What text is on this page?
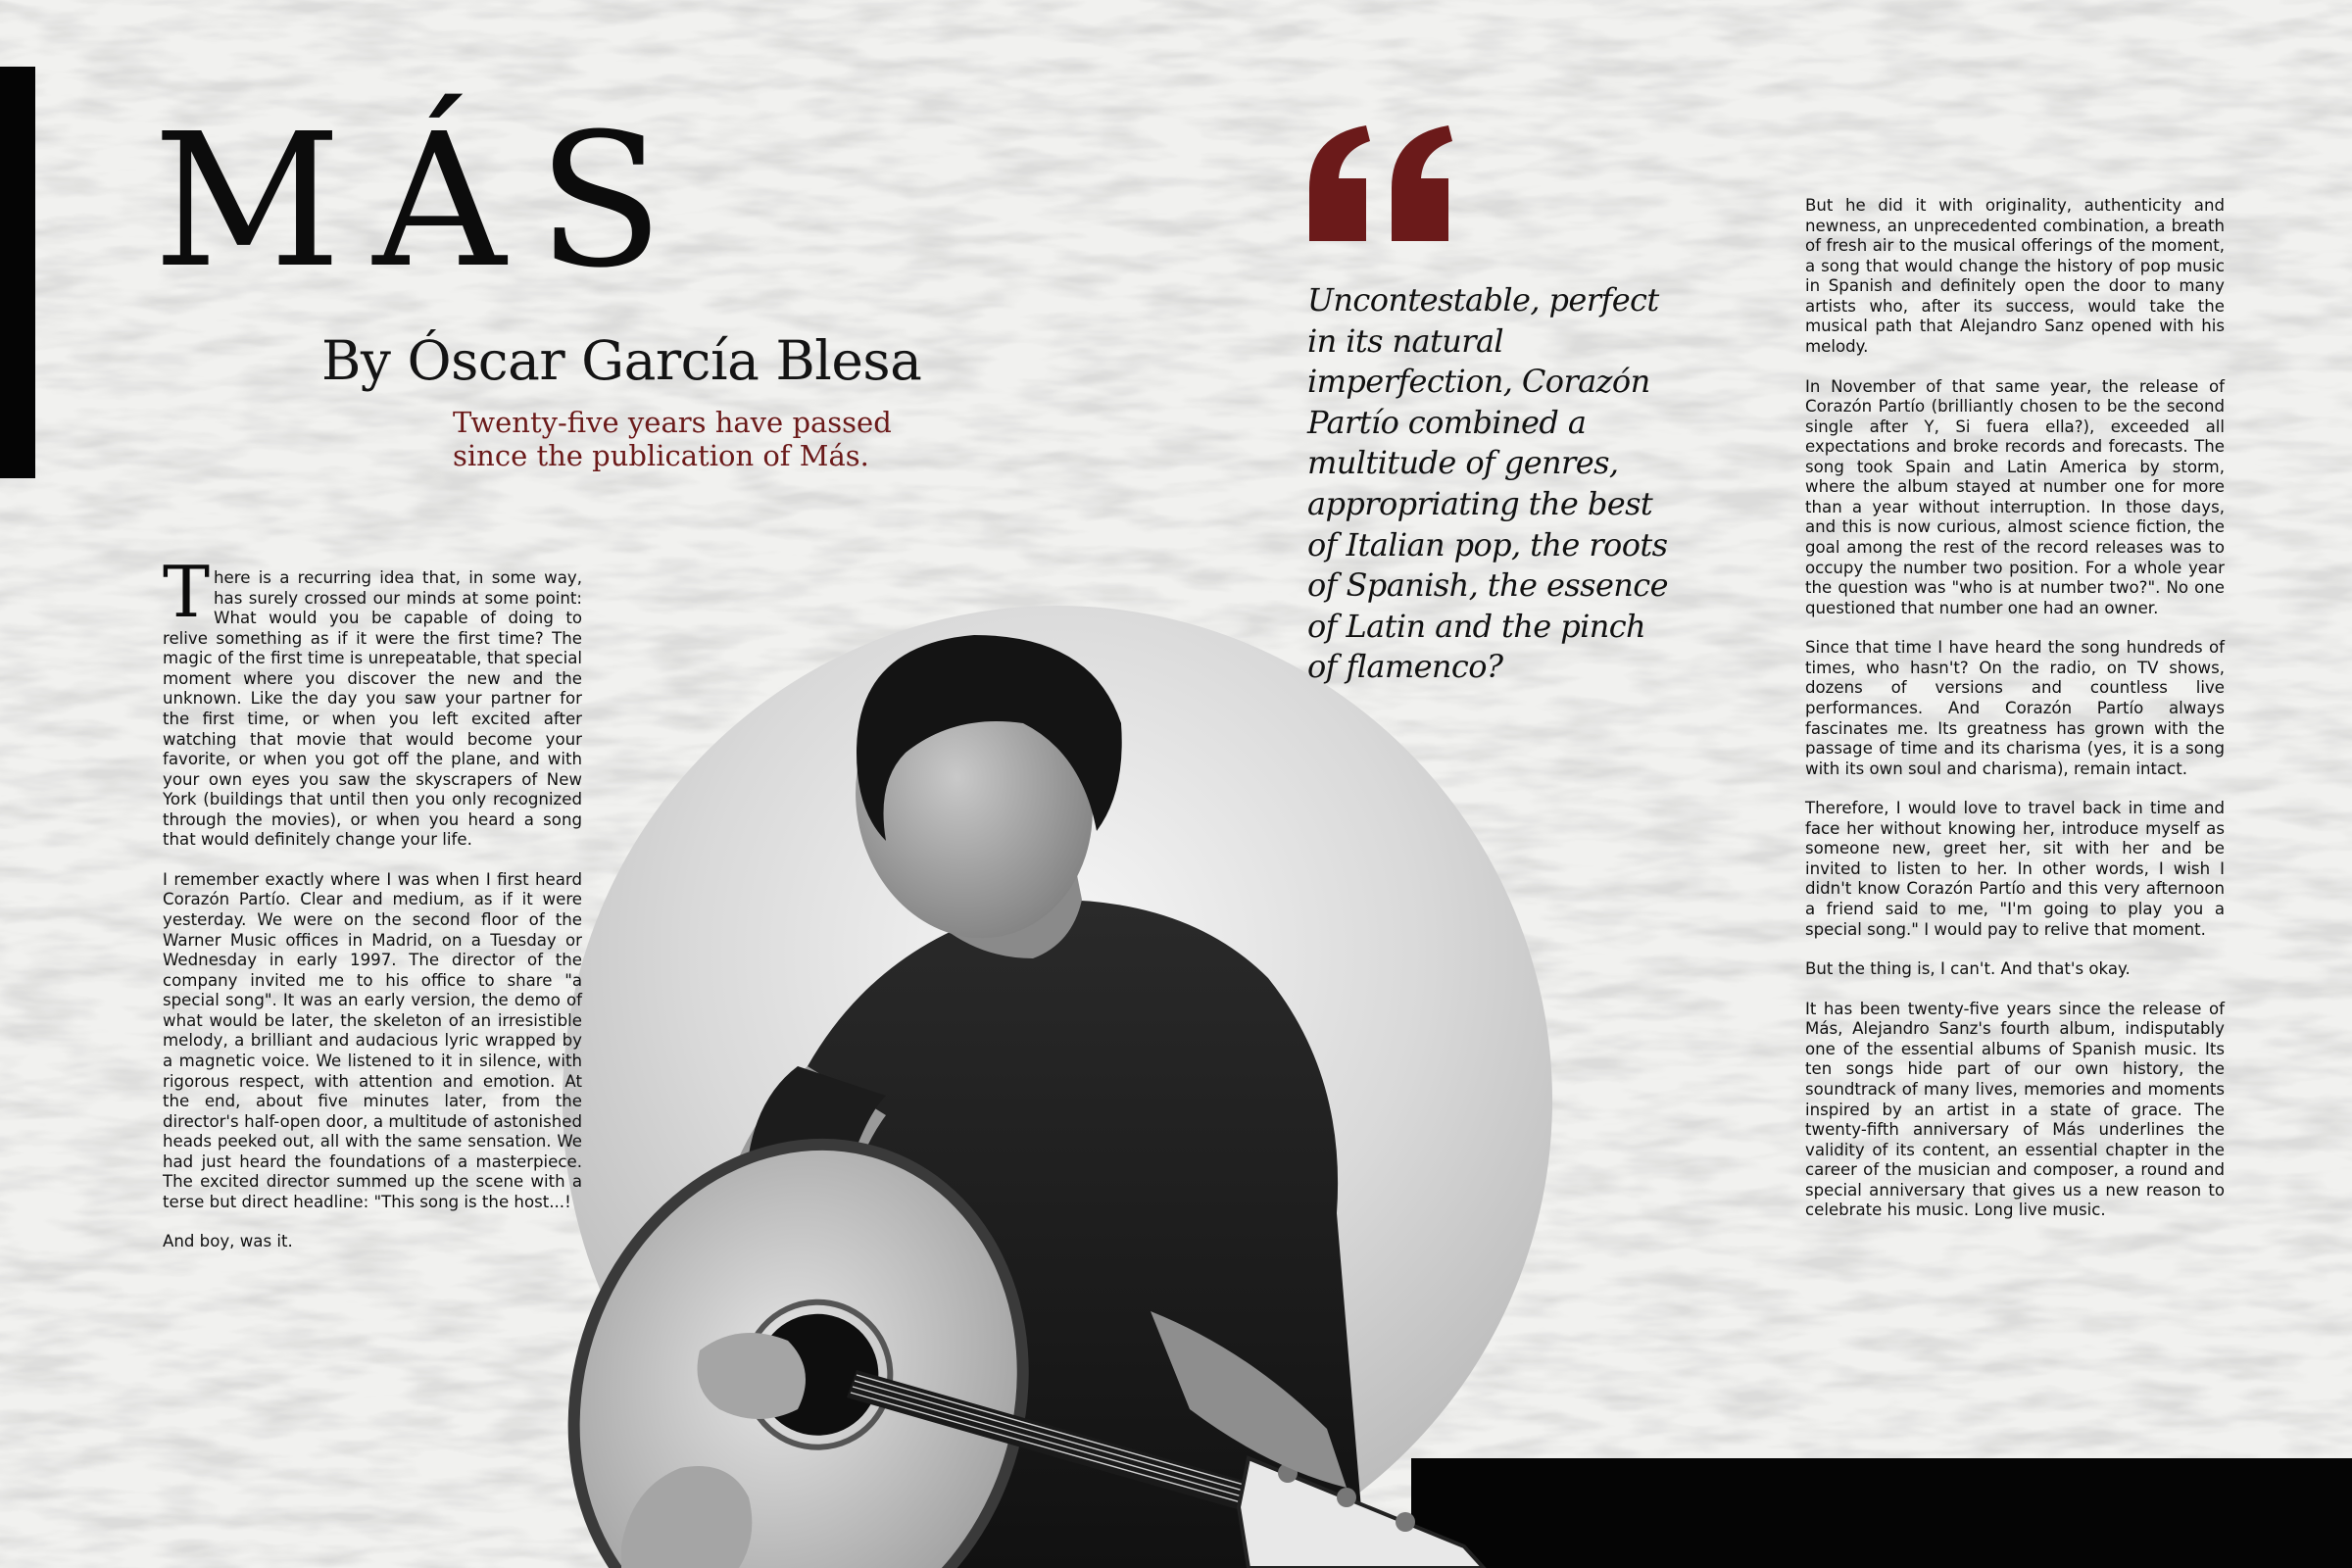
MÁS
By Óscar García Blesa
Twenty-five years have passed since the publication of Más.
Uncontestable, perfect in its natural imperfection, Corazón Partío combined a multitude of genres, appropriating the best of Italian pop, the roots of Spanish, the essence of Latin and the pinch of flamenco?

There is a recurring idea that, in some way, has surely crossed our minds at some point: What would you be capable of doing to relive something as if it were the first time? The magic of the first time is unrepeatable, that special moment where you discover the new and the unknown. Like the day you saw your partner for the first time, or when you left excited after watching that movie that would become your favorite, or when you got off the plane, and with your own eyes you saw the skyscrapers of New York (buildings that until then you only recognized through the movies), or when you heard a song that would definitely change your life.

I remember exactly where I was when I first heard Corazón Partío. Clear and medium, as if it were yesterday. We were on the second floor of the Warner Music offices in Madrid, on a Tuesday or Wednesday in early 1997. The director of the company invited me to his office to share "a special song". It was an early version, the demo of what would be later, the skeleton of an irresistible melody, a brilliant and audacious lyric wrapped by a magnetic voice. We listened to it in silence, with rigorous respect, with attention and emotion. At the end, about five minutes later, from the director's half-open door, a multitude of astonished heads peeked out, all with the same sensation. We had just heard the foundations of a masterpiece. The excited director summed up the scene with a terse but direct headline: "This song is the host...!

And boy, was it.

But he did it with originality, authenticity and newness, an unprecedented combination, a breath of fresh air to the musical offerings of the moment, a song that would change the history of pop music in Spanish and definitely open the door to many artists who, after its success, would take the musical path that Alejandro Sanz opened with his melody.

In November of that same year, the release of Corazón Partío (brilliantly chosen to be the second single after Y, Si fuera ella?), exceeded all expectations and broke records and forecasts. The song took Spain and Latin America by storm, where the album stayed at number one for more than a year without interruption. In those days, and this is now curious, almost science fiction, the goal among the rest of the record releases was to occupy the number two position. For a whole year the question was "who is at number two?". No one questioned that number one had an owner.

Since that time I have heard the song hundreds of times, who hasn't? On the radio, on TV shows, dozens of versions and countless live performances. And Corazón Partío always fascinates me. Its greatness has grown with the passage of time and its charisma (yes, it is a song with its own soul and charisma), remain intact.

Therefore, I would love to travel back in time and face her without knowing her, introduce myself as someone new, greet her, sit with her and be invited to listen to her. In other words, I wish I didn't know Corazón Partío and this very afternoon a friend said to me, "I'm going to play you a special song." I would pay to relive that moment.

But the thing is, I can't. And that's okay.

It has been twenty-five years since the release of Más, Alejandro Sanz's fourth album, indisputably one of the essential albums of Spanish music. Its ten songs hide part of our own history, the soundtrack of many lives, memories and moments inspired by an artist in a state of grace. The twenty-fifth anniversary of Más underlines the validity of its content, an essential chapter in the career of the musician and composer, a round and special anniversary that gives us a new reason to celebrate his music. Long live music.
